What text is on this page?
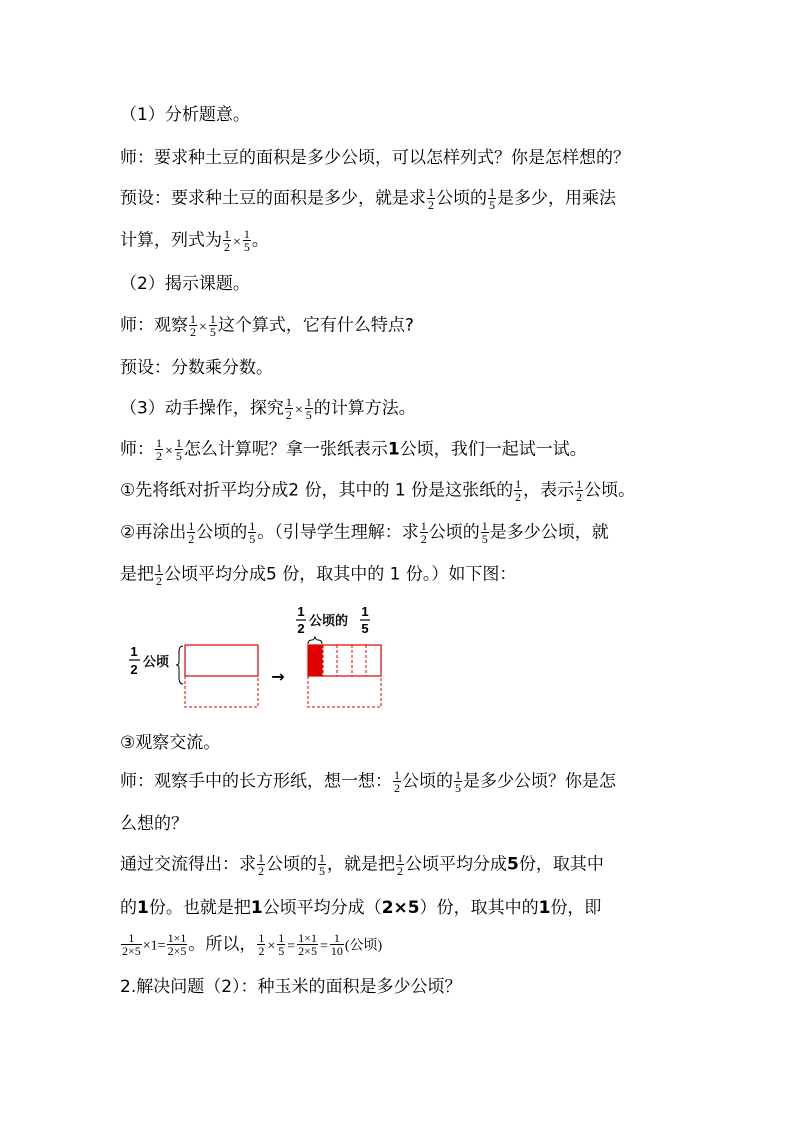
（1）分析题意。
师：要求种土豆的面积是多少公顷，可以怎样列式？你是怎样想的？
预设：要求种土豆的面积是多少，就是求 $\frac{1}{2}$ 公顷的 $\frac{1}{5}$ 是多少，用乘法
计算，列式为 $\frac{1}{2} \times \frac{1}{5}$ 。
（2）揭示课题。
师：观察 $\frac{1}{2} \times \frac{1}{5}$ 这个算式，它有什么特点?
预设：分数乘分数。
（3）动手操作，探究 $\frac{1}{2} \times \frac{1}{5}$ 的计算方法。
师： $\frac{1}{2} \times \frac{1}{5}$ 怎么计算呢？拿一张纸表示1公顷，我们一起试一试。
①先将纸对折平均分成2 份，其中的 1 份是这张纸的 $\frac{1}{2}$ ，表示 $\frac{1}{2}$ 公顷。
②再涂出 $\frac{1}{2}$ 公顷的 $\frac{1}{5}$ 。（引导学生理解：求 $\frac{1}{2}$ 公顷的 $\frac{1}{5}$ 是多少公顷，就
是把 $\frac{1}{2}$ 公顷平均分成5 份，取其中的 1 份。）如下图：
1
2 公顷
→
1
2 公顷的
1
5
③观察交流。
师：观察手中的长方形纸，想一想： $\frac{1}{2}$ 公顷的 $\frac{1}{5}$ 是多少公顷？你是怎
么想的？
通过交流得出：求 $\frac{1}{2}$ 公顷的 $\frac{1}{5}$ ，就是把 $\frac{1}{2}$ 公顷平均分成5份，取其中
的1份。也就是把1公顷平均分成（2×5）份，取其中的1份，即
$\frac{1}{2\times 5} \times 1= \frac{1\times 1}{2\times 5}$ 。所以， $\frac{1}{2} \times \frac{1}{5} = \frac{1\times 1}{2\times 5} = \frac{1}{10}$ (公顷)
2.解决问题（2）：种玉米的面积是多少公顷？
